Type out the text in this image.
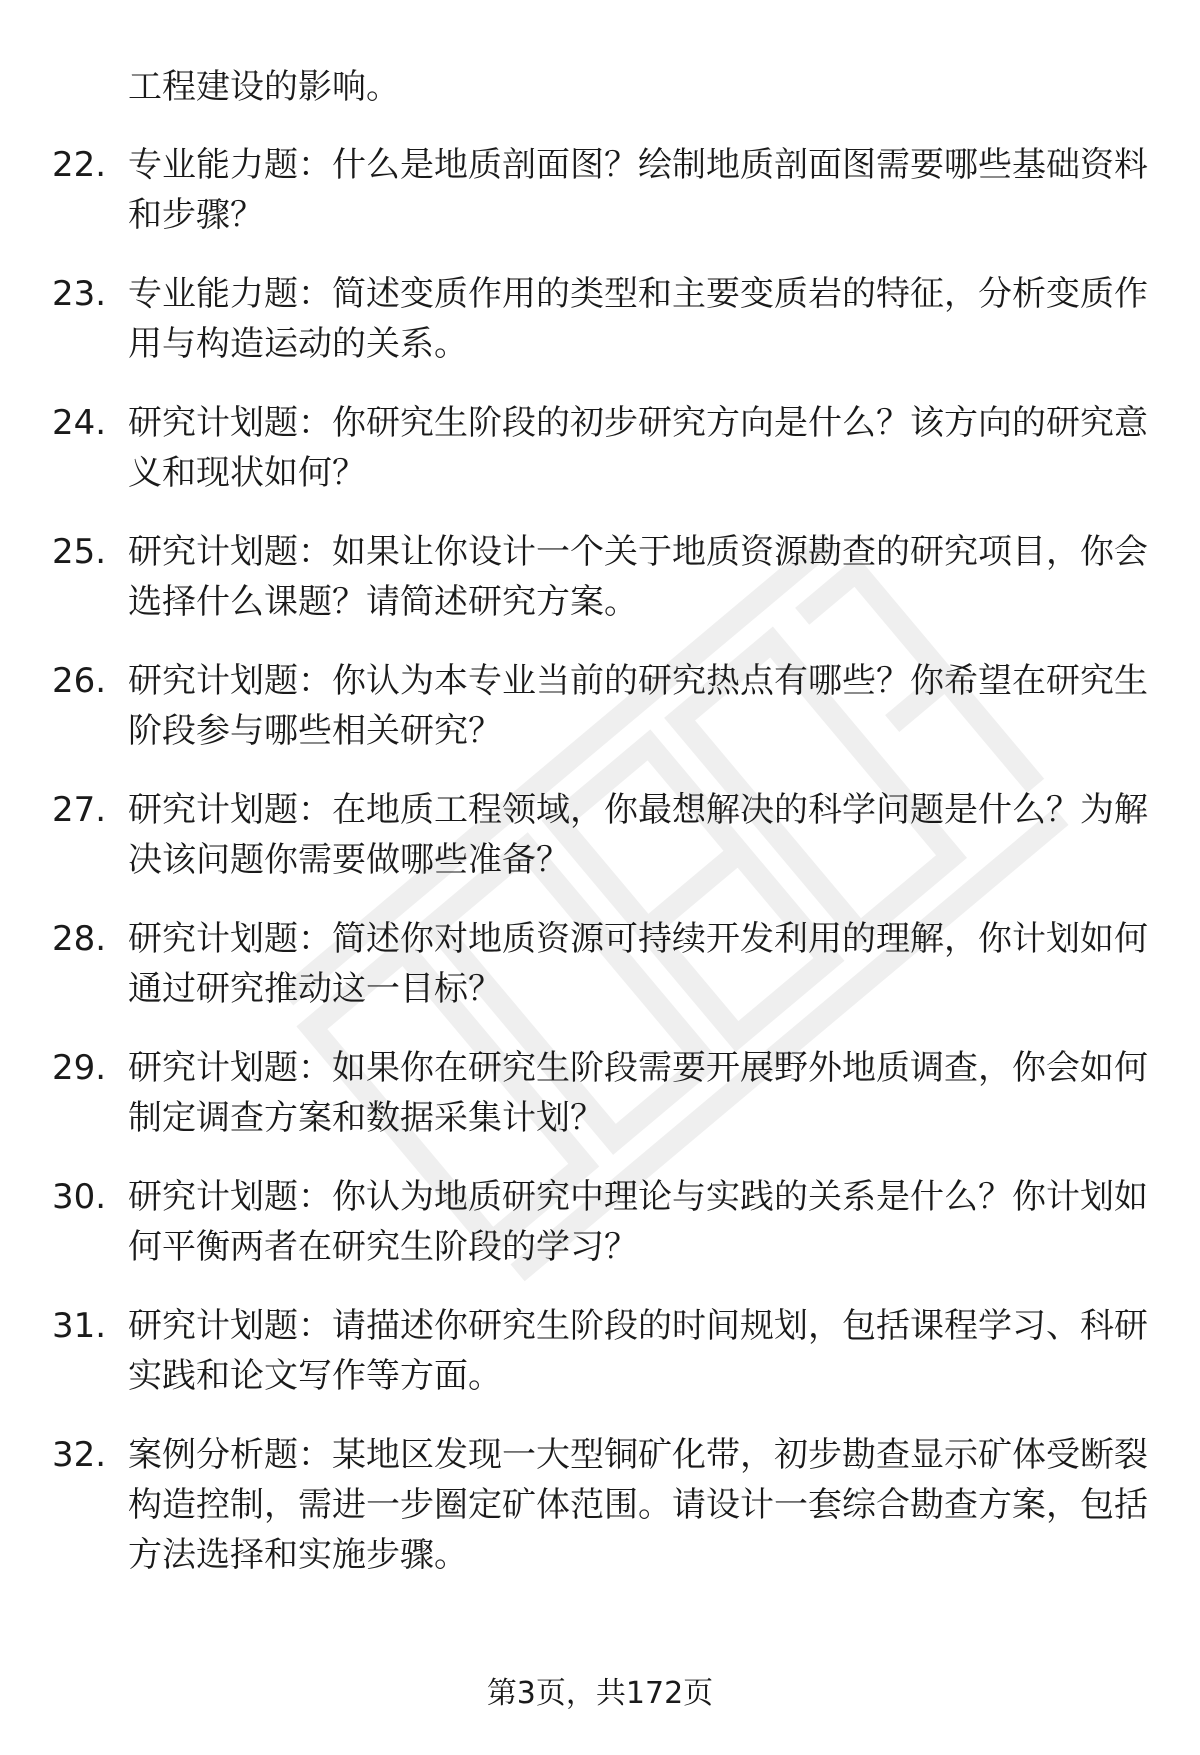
工程建设的影响。

22. 专业能力题：什么是地质剖面图？绘制地质剖面图需要哪些基础资料和步骤？

23. 专业能力题：简述变质作用的类型和主要变质岩的特征，分析变质作用与构造运动的关系。

24. 研究计划题：你研究生阶段的初步研究方向是什么？该方向的研究意义和现状如何？

25. 研究计划题：如果让你设计一个关于地质资源勘查的研究项目，你会选择什么课题？请简述研究方案。

26. 研究计划题：你认为本专业当前的研究热点有哪些？你希望在研究生阶段参与哪些相关研究？

27. 研究计划题：在地质工程领域，你最想解决的科学问题是什么？为解决该问题你需要做哪些准备？

28. 研究计划题：简述你对地质资源可持续开发利用的理解，你计划如何通过研究推动这一目标？

29. 研究计划题：如果你在研究生阶段需要开展野外地质调查，你会如何制定调查方案和数据采集计划？

30. 研究计划题：你认为地质研究中理论与实践的关系是什么？你计划如何平衡两者在研究生阶段的学习？

31. 研究计划题：请描述你研究生阶段的时间规划，包括课程学习、科研实践和论文写作等方面。

32. 案例分析题：某地区发现一大型铜矿化带，初步勘查显示矿体受断裂构造控制，需进一步圈定矿体范围。请设计一套综合勘查方案，包括方法选择和实施步骤。

第3页，共172页
